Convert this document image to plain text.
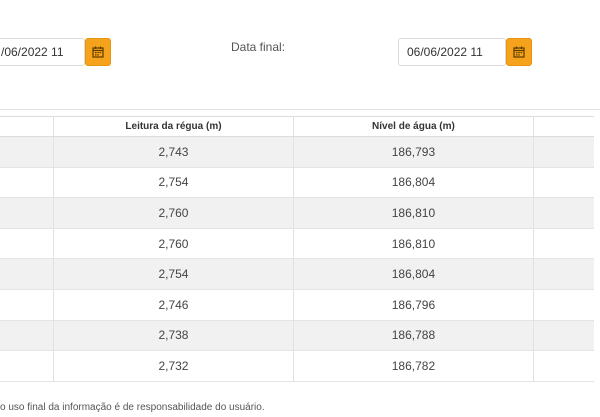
/06/2022 11	Data final:	06/06/2022 11
	Leitura da régua (m)	Nível de água (m)	
	2,743	186,793	
	2,754	186,804	
	2,760	186,810	
	2,760	186,810	
	2,754	186,804	
	2,746	186,796	
	2,738	186,788	
	2,732	186,782	
o uso final da informação é de responsabilidade do usuário.
